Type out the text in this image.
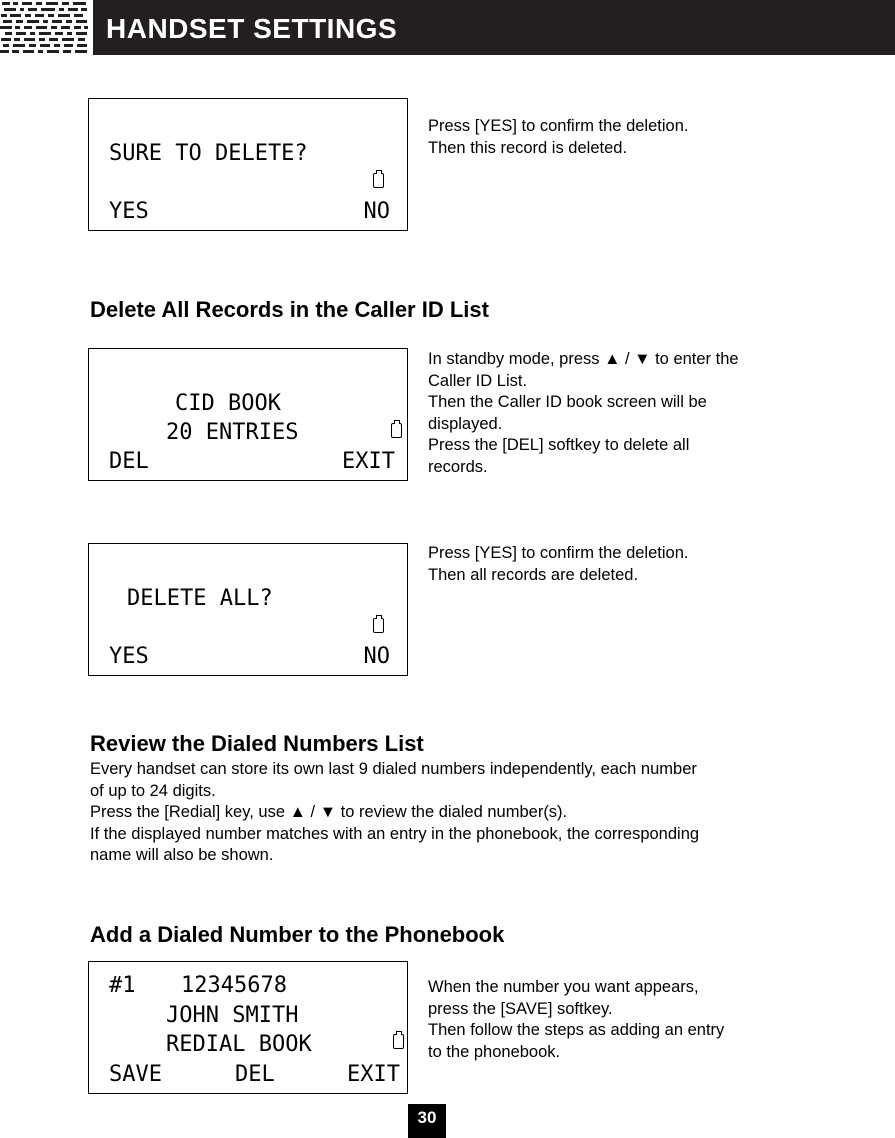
HANDSET SETTINGS
SURE TO DELETE?
YES	NO
Press [YES] to confirm the deletion.
Then this record is deleted.
Delete All Records in the Caller ID List
CID BOOK
20 ENTRIES
DEL	EXIT
In standby mode, press ▲ / ▼ to enter the
Caller ID List.
Then the Caller ID book screen will be
displayed.
Press the [DEL] softkey to delete all
records.
DELETE ALL?
YES	NO
Press [YES] to confirm the deletion.
Then all records are deleted.
Review the Dialed Numbers List
Every handset can store its own last 9 dialed numbers independently, each number
of up to 24 digits.
Press the [Redial] key, use ▲ / ▼ to review the dialed number(s).
If the displayed number matches with an entry in the phonebook, the corresponding
name will also be shown.
Add a Dialed Number to the Phonebook
#1 12345678
JOHN SMITH
REDIAL BOOK
SAVE	DEL	EXIT
When the number you want appears,
press the [SAVE] softkey.
Then follow the steps as adding an entry
to the phonebook.
30
